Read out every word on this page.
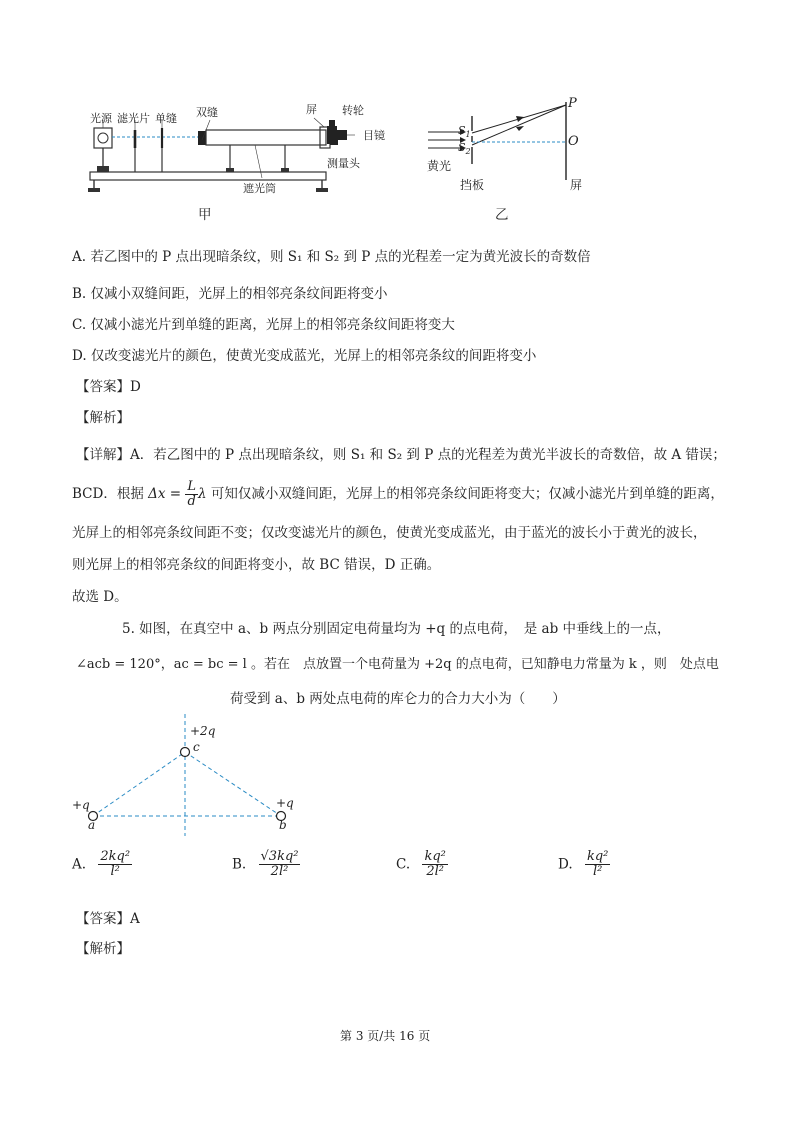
光源 滤光片 单缝 双缝	屏 转轮
目镜
测量头
遮光筒
甲
$S_1$
$S_2$
P
O
黄光
挡板	屏
乙
A. 若乙图中的 P 点出现暗条纹，则 S₁ 和 S₂ 到 P 点的光程差一定为黄光波长的奇数倍
B. 仅减小双缝间距，光屏上的相邻亮条纹间距将变小
C. 仅减小滤光片到单缝的距离，光屏上的相邻亮条纹间距将变大
D. 仅改变滤光片的颜色，使黄光变成蓝光，光屏上的相邻亮条纹的间距将变小
【答案】D
【解析】
【详解】A．若乙图中的 P 点出现暗条纹，则 S₁ 和 S₂ 到 P 点的光程差为黄光半波长的奇数倍，故 A 错误；
BCD．根据 $\Delta x = \frac{L}{d}$ λ 可知仅减小双缝间距，光屏上的相邻亮条纹间距将变大；仅减小滤光片到单缝的距离，
光屏上的相邻亮条纹间距不变；仅改变滤光片的颜色，使黄光变成蓝光，由于蓝光的波长小于黄光的波长，
则光屏上的相邻亮条纹的间距将变小，故 BC 错误，D 正确。
故选 D。
5. 如图，在真空中 a、b 两点分别固定电荷量均为 +q 的点电荷，　是 ab 中垂线上的一点，
∠acb = 120°，ac = bc = l 。若在　点放置一个电荷量为 +2q 的点电荷，已知静电力常量为 k ，则　处点电
荷受到 a、b 两处点电荷的库仑力的合力大小为（　　）
+2q
c
+q
a
+q
b
A. $\frac{\text{2kq²}}{\text{l²}}$	B. $\frac{\text{√3kq²}}{\text{2l²}}$	C. $\frac{\text{kq²}}{\text{2l²}}$	D. $\frac{\text{kq²}}{\text{l²}}$
【答案】A
【解析】
第 3 页/共 16 页
